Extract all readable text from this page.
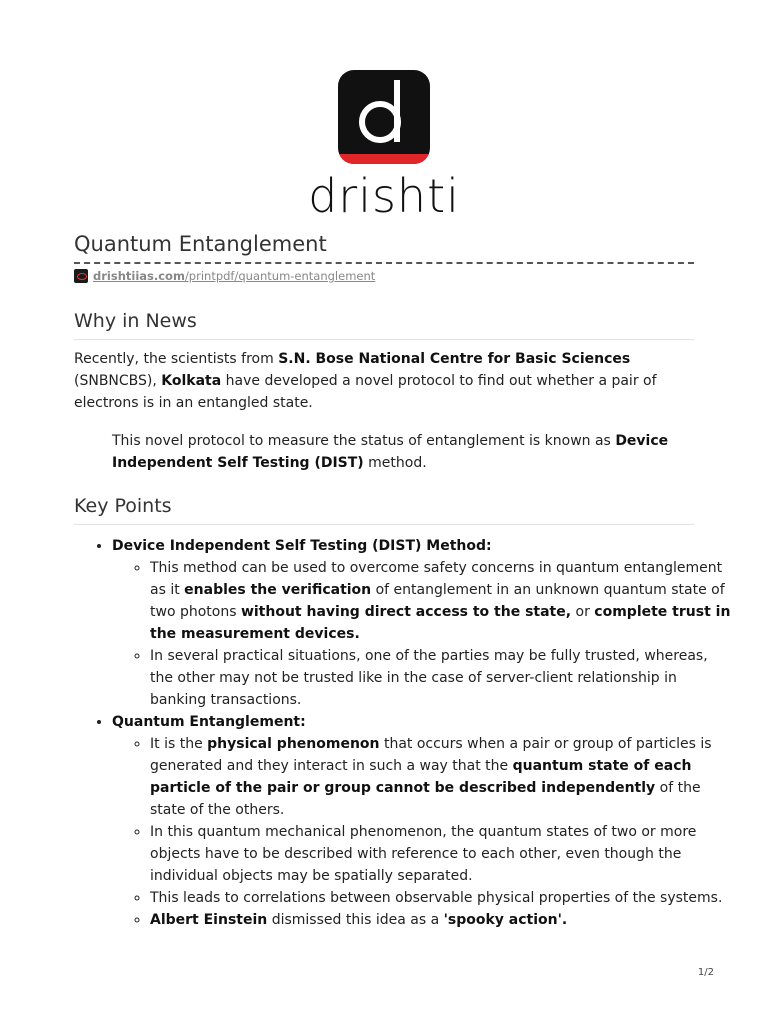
drishti
Quantum Entanglement
drishtiias.com /printpdf/quantum-entanglement
Why in News

Recently, the scientists from S.N. Bose National Centre for Basic Sciences (SNBNCBS), Kolkata have developed a novel protocol to find out whether a pair of electrons is in an entangled state.

This novel protocol to measure the status of entanglement is known as Device Independent Self Testing (DIST) method.

Key Points
• Device Independent Self Testing (DIST) Method:
◦ This method can be used to overcome safety concerns in quantum entanglement as it enables the verification of entanglement in an unknown quantum state of two photons without having direct access to the state, or complete trust in the measurement devices.
◦ In several practical situations, one of the parties may be fully trusted, whereas, the other may not be trusted like in the case of server-client relationship in banking transactions.
• Quantum Entanglement:
◦ It is the physical phenomenon that occurs when a pair or group of particles is generated and they interact in such a way that the quantum state of each particle of the pair or group cannot be described independently of the state of the others.
◦ In this quantum mechanical phenomenon, the quantum states of two or more objects have to be described with reference to each other, even though the individual objects may be spatially separated.
◦ This leads to correlations between observable physical properties of the systems.
◦ Albert Einstein dismissed this idea as a 'spooky action'.
1/2
